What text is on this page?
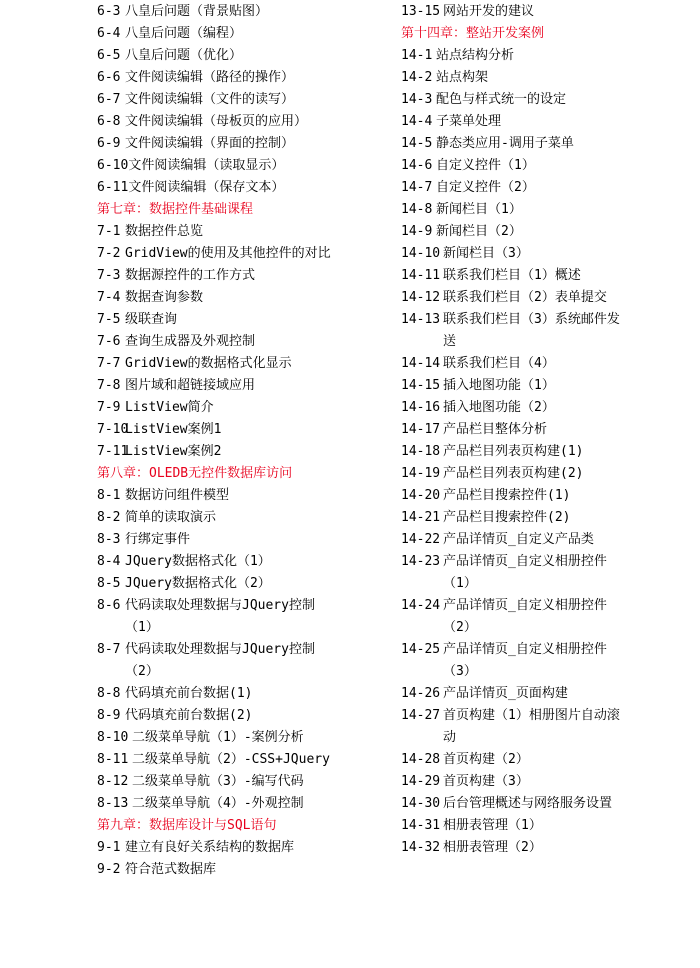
6-3 八皇后问题（背景贴图）
6-4 八皇后问题（编程）
6-5 八皇后问题（优化）
6-6 文件阅读编辑（路径的操作）
6-7 文件阅读编辑（文件的读写）
6-8 文件阅读编辑（母板页的应用）
6-9 文件阅读编辑（界面的控制）
6-10 文件阅读编辑（读取显示）
6-11 文件阅读编辑（保存文本）
第七章：数据控件基础课程
7-1 数据控件总览
7-2 GridView的使用及其他控件的对比
7-3 数据源控件的工作方式
7-4 数据查询参数
7-5 级联查询
7-6 查询生成器及外观控制
7-7 GridView的数据格式化显示
7-8 图片域和超链接域应用
7-9 ListView简介
7-10
ListView案例1
7-11
ListView案例2
第八章：OLEDB无控件数据库访问
8-1 数据访问组件模型
8-2 简单的读取演示
8-3 行绑定事件
8-4 JQuery数据格式化（1）
8-5 JQuery数据格式化（2）
8-6 代码读取处理数据与JQuery控制（1）
8-7 代码读取处理数据与JQuery控制（2）
8-8 代码填充前台数据(1)
8-9 代码填充前台数据(2)
8-10 二级菜单导航（1）-案例分析
8-11 二级菜单导航（2）-CSS+JQuery
8-12 二级菜单导航（3）-编写代码
8-13 二级菜单导航（4）-外观控制
第九章：数据库设计与SQL语句
9-1 建立有良好关系结构的数据库
9-2 符合范式数据库
13-15 网站开发的建议
第十四章：整站开发案例
14-1 站点结构分析
14-2 站点构架
14-3 配色与样式统一的设定
14-4 子菜单处理
14-5 静态类应用-调用子菜单
14-6 自定义控件（1）
14-7 自定义控件（2）
14-8 新闻栏目（1）
14-9 新闻栏目（2）
14-10 新闻栏目（3）
14-11 联系我们栏目（1）概述
14-12 联系我们栏目（2）表单提交
14-13 联系我们栏目（3）系统邮件发送
14-14 联系我们栏目（4）
14-15 插入地图功能（1）
14-16 插入地图功能（2）
14-17 产品栏目整体分析
14-18 产品栏目列表页构建(1)
14-19 产品栏目列表页构建(2)
14-20 产品栏目搜索控件(1)
14-21 产品栏目搜索控件(2)
14-22 产品详情页_自定义产品类
14-23 产品详情页_自定义相册控件（1）
14-24 产品详情页_自定义相册控件（2）
14-25 产品详情页_自定义相册控件（3）
14-26 产品详情页_页面构建
14-27 首页构建（1）相册图片自动滚动
14-28 首页构建（2）
14-29 首页构建（3）
14-30 后台管理概述与网络服务设置
14-31 相册表管理（1）
14-32 相册表管理（2）
